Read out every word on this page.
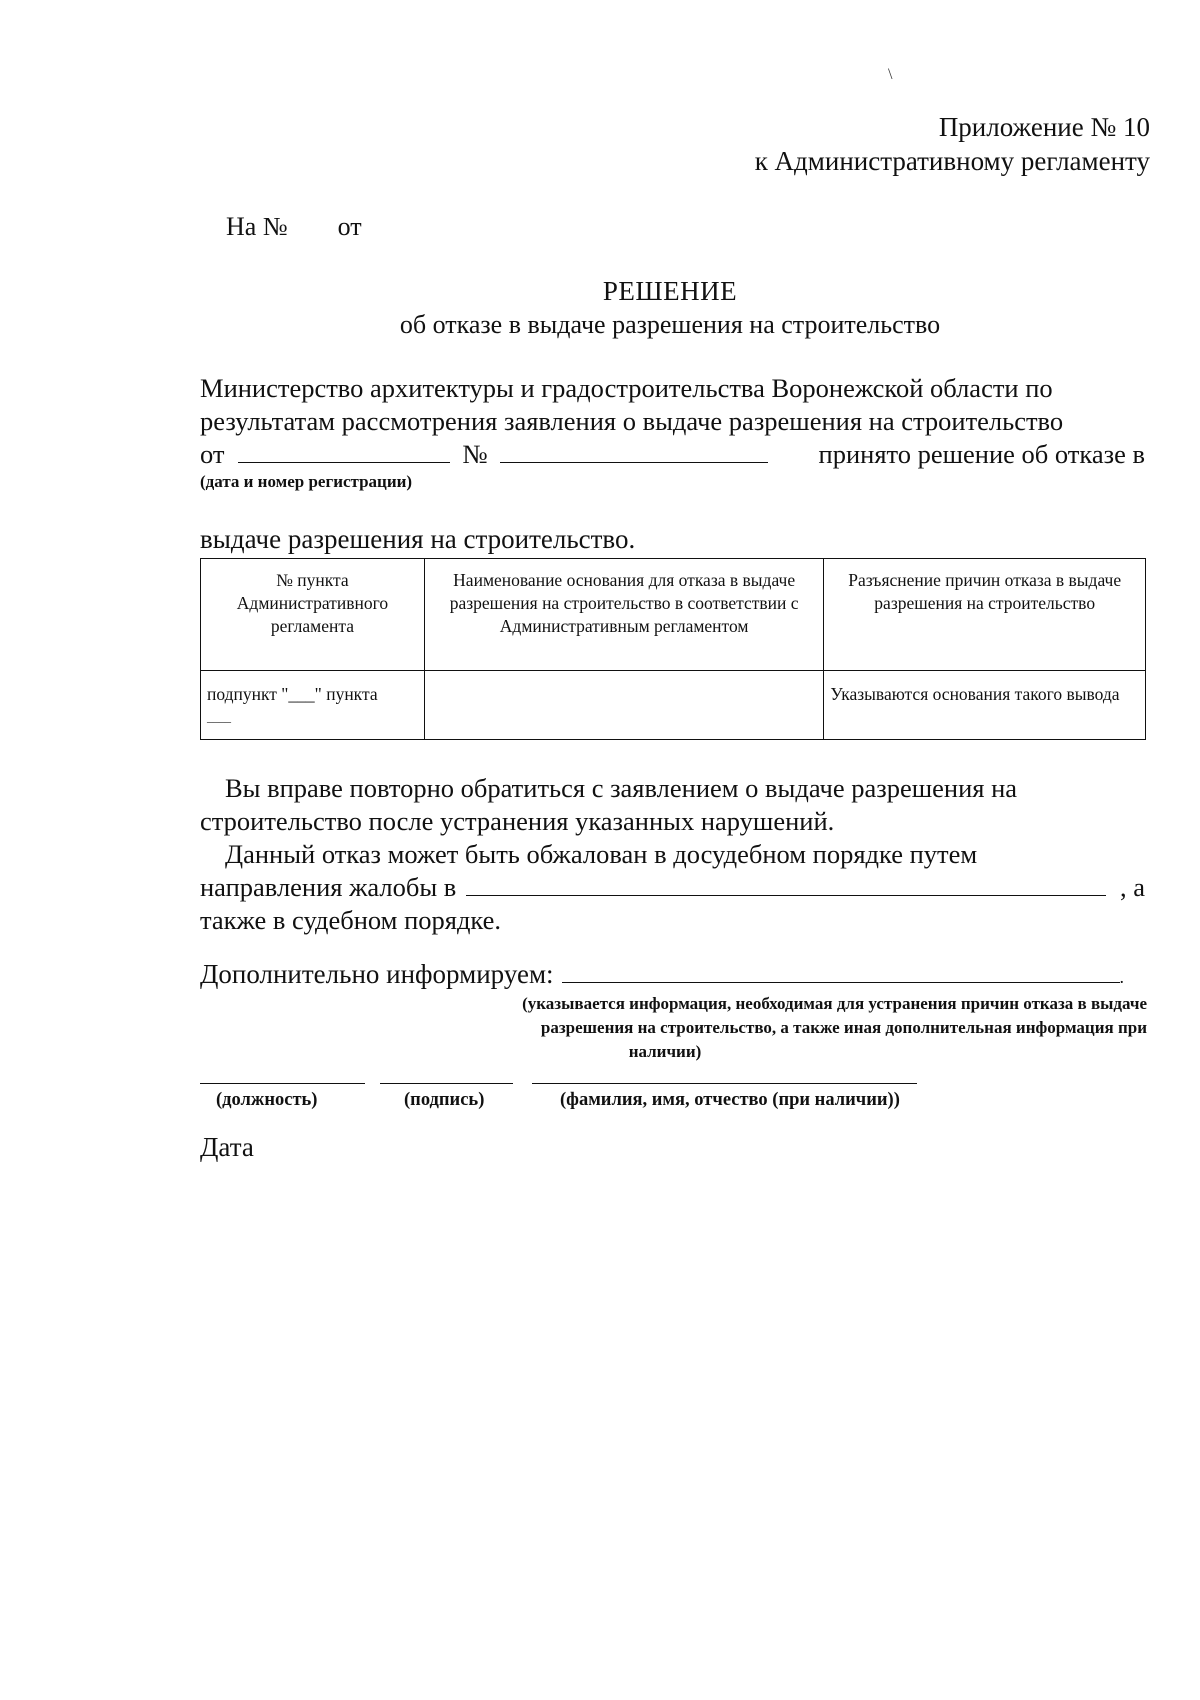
\
Приложение № 10
к Административному регламенту
На № от
РЕШЕНИЕ
об отказе в выдаче разрешения на строительство
Министерство архитектуры и градостроительства Воронежской области по
результатам рассмотрения заявления о выдаче разрешения на строительство
от	№	принято решение об отказе в
(дата и номер регистрации)
выдаче разрешения на строительство.
№ пункта Административного регламента	Наименование основания для отказа в выдаче разрешения на строительство в соответствии с Административным регламентом	Разъяснение причин отказа в выдаче разрешения на строительство

подпункт "___" пункта
____		Указываются основания такого вывода
Вы вправе повторно обратиться с заявлением о выдаче разрешения на
строительство после устранения указанных нарушений.
Данный отказ может быть обжалован в досудебном порядке путем
направления жалобы в	, а
также в судебном порядке.
Дополнительно информируем:	.
(указывается информация, необходимая для устранения причин отказа в выдаче
разрешения на строительство, а также иная дополнительная информация при
наличии)
(должность)	(подпись)	(фамилия, имя, отчество (при наличии))
Дата
